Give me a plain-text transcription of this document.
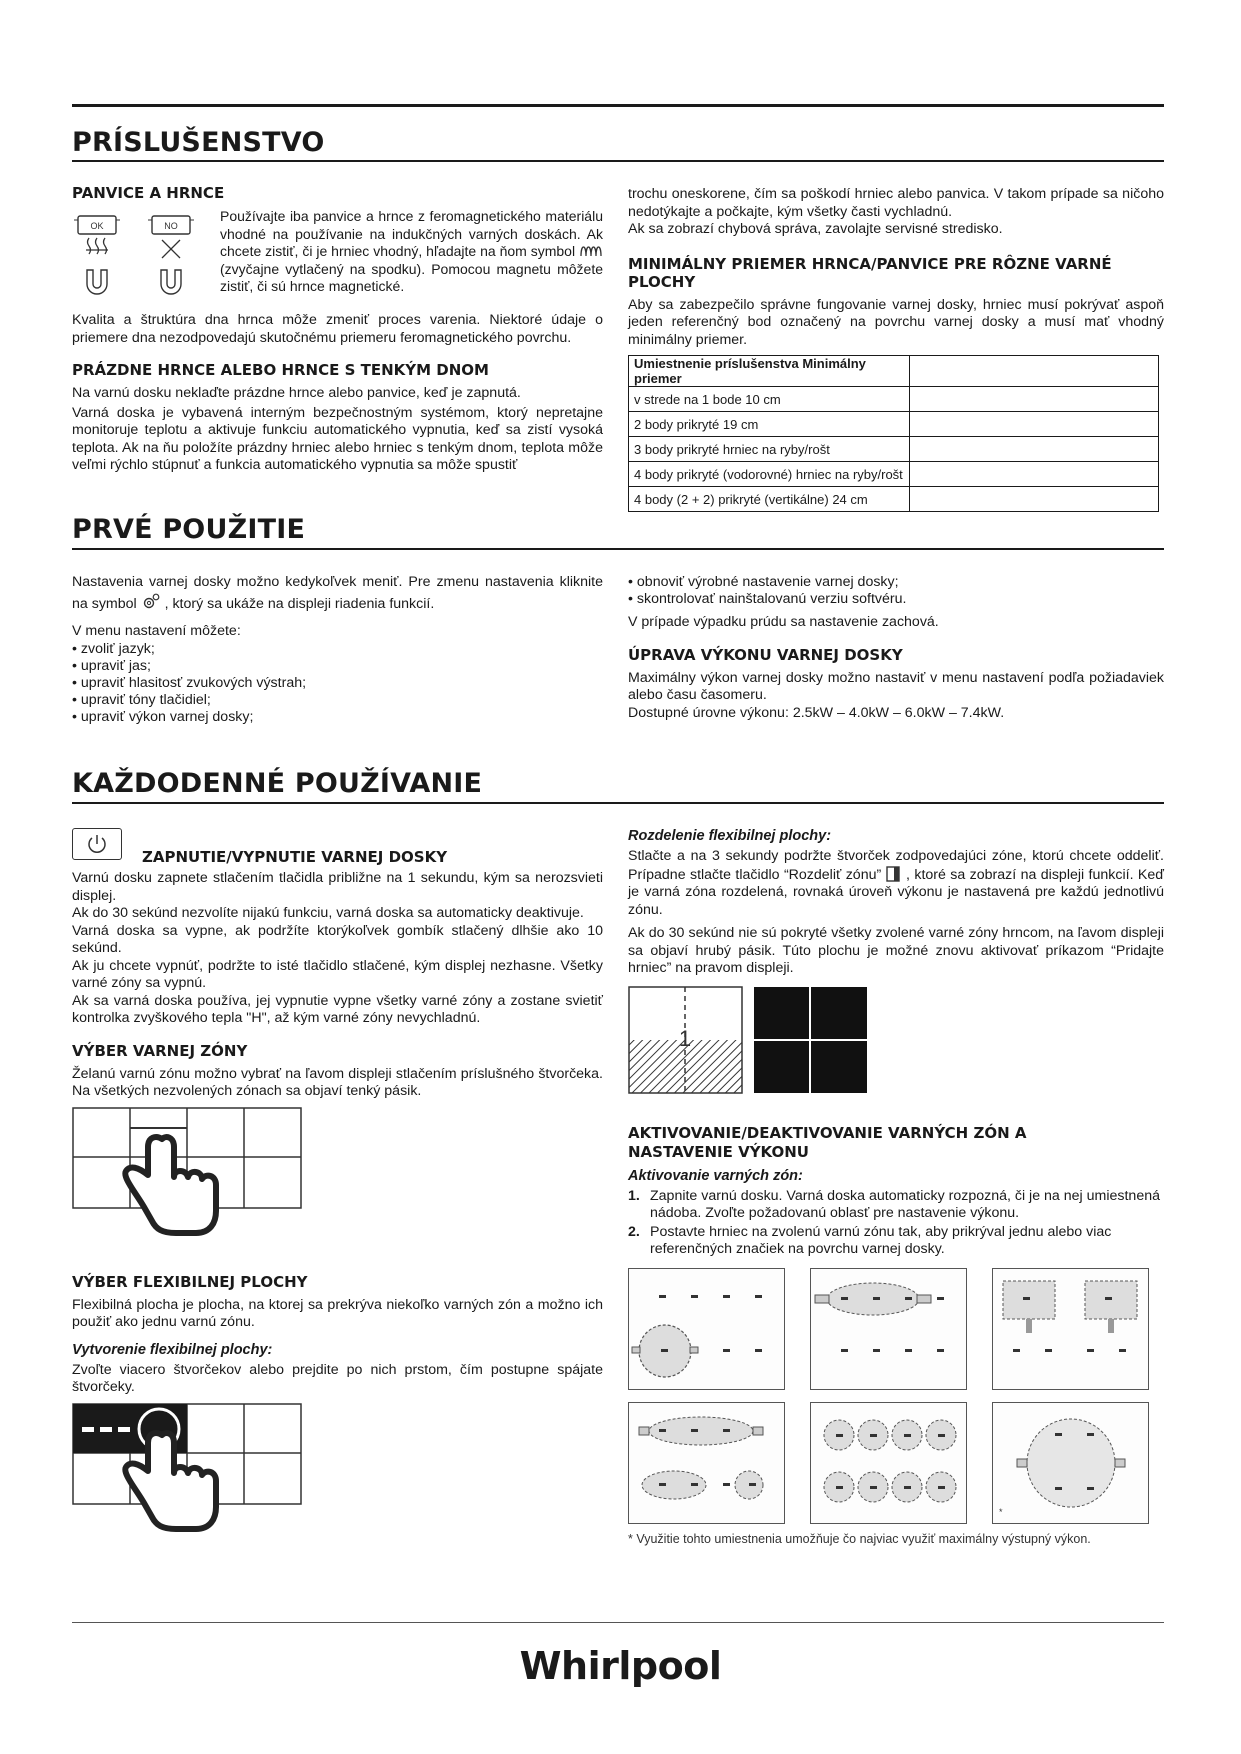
PRÍSLUŠENSTVO
PANVICE A HRNCE
OK	NO
Používajte iba panvice a hrnce z feromagnetického materiálu vhodné na používanie na indukčných varných doskách. Ak chcete zistiť, či je hrniec vhodný, hľadajte na ňom symbol  (zvyčajne vytlačený na spodku). Pomocou magnetu môžete zistiť, či sú hrnce magnetické.
Kvalita a štruktúra dna hrnca môže zmeniť proces varenia. Niektoré údaje o priemere dna nezodpovedajú skutočnému priemeru feromagnetického povrchu.
PRÁZDNE HRNCE ALEBO HRNCE S TENKÝM DNOM
Na varnú dosku neklaďte prázdne hrnce alebo panvice, keď je zapnutá.
Varná doska je vybavená interným bezpečnostným systémom, ktorý nepretajne monitoruje teplotu a aktivuje funkciu automatického vypnutia, keď sa zistí vysoká teplota. Ak na ňu položíte prázdny hrniec alebo hrniec s tenkým dnom, teplota môže veľmi rýchlo stúpnuť a funkcia automatického vypnutia sa môže spustiť
trochu oneskorene, čím sa poškodí hrniec alebo panvica. V takom prípade sa ničoho nedotýkajte a počkajte, kým všetky časti vychladnú.
Ak sa zobrazí chybová správa, zavolajte servisné stredisko.
MINIMÁLNY PRIEMER HRNCA/PANVICE PRE RÔZNE VARNÉ PLOCHY
Aby sa zabezpečilo správne fungovanie varnej dosky, hrniec musí pokrývať aspoň jeden referenčný bod označený na povrchu varnej dosky a musí mať vhodný minimálny priemer.
Umiestnenie príslušenstva Minimálny priemer	
v strede na 1 bode 10 cm	
2 body prikryté 19 cm	
3 body prikryté hrniec na ryby/rošt	
4 body prikryté (vodorovné) hrniec na ryby/rošt	
4 body (2 + 2) prikryté (vertikálne) 24 cm	
PRVÉ POUŽITIE
Nastavenia varnej dosky možno kedykoľvek meniť. Pre zmenu nastavenia kliknite na symbol , ktorý sa ukáže na displeji riadenia funkcií.
V menu nastavení môžete:
• zvoliť jazyk;
• upraviť jas;
• upraviť hlasitosť zvukových výstrah;
• upraviť tóny tlačidiel;
• upraviť výkon varnej dosky;
• obnoviť výrobné nastavenie varnej dosky;
• skontrolovať nainštalovanú verziu softvéru.
V prípade výpadku prúdu sa nastavenie zachová.
ÚPRAVA VÝKONU VARNEJ DOSKY
Maximálny výkon varnej dosky možno nastaviť v menu nastavení podľa požiadaviek alebo času časomeru.
Dostupné úrovne výkonu: 2.5kW – 4.0kW – 6.0kW – 7.4kW.
KAŽDODENNÉ POUŽÍVANIE
ZAPNUTIE/VYPNUTIE VARNEJ DOSKY
Varnú dosku zapnete stlačením tlačidla približne na 1 sekundu, kým sa nerozsvieti displej.
Ak do 30 sekúnd nezvolíte nijakú funkciu, varná doska sa automaticky deaktivuje.
Varná doska sa vypne, ak podržíte ktorýkoľvek gombík stlačený dlhšie ako 10 sekúnd.
Ak ju chcete vypnúť, podržte to isté tlačidlo stlačené, kým displej nezhasne. Všetky varné zóny sa vypnú.
Ak sa varná doska používa, jej vypnutie vypne všetky varné zóny a zostane svietiť kontrolka zvyškového tepla "H", až kým varné zóny nevychladnú.
VÝBER VARNEJ ZÓNY
Želanú varnú zónu možno vybrať na ľavom displeji stlačením príslušného štvorčeka. Na všetkých nezvolených zónach sa objaví tenký pásik.
VÝBER FLEXIBILNEJ PLOCHY
Flexibilná plocha je plocha, na ktorej sa prekrýva niekoľko varných zón a možno ich použiť ako jednu varnú zónu.
Vytvorenie flexibilnej plochy:
Zvoľte viacero štvorčekov alebo prejdite po nich prstom, čím postupne spájate štvorčeky.
Rozdelenie flexibilnej plochy:
Stlačte a na 3 sekundy podržte štvorček zodpovedajúci zóne, ktorú chcete oddeliť. Prípadne stlačte tlačidlo “Rozdeliť zónu” , ktoré sa zobrazí na displeji funkcií. Keď je varná zóna rozdelená, rovnaká úroveň výkonu je nastavená pre každú jednotlivú zónu.
Ak do 30 sekúnd nie sú pokryté všetky zvolené varné zóny hrncom, na ľavom displeji sa objaví hrubý pásik. Túto plochu je možné znovu aktivovať príkazom “Pridajte hrniec” na pravom displeji.
1
AKTIVOVANIE/DEAKTIVOVANIE VARNÝCH ZÓN A NASTAVENIE VÝKONU
Aktivovanie varných zón:
1. Zapnite varnú dosku. Varná doska automaticky rozpozná, či je na nej umiestnená nádoba. Zvoľte požadovanú oblasť pre nastavenie výkonu.
2. Postavte hrniec na zvolenú varnú zónu tak, aby prikrýval jednu alebo viac referenčných značiek na povrchu varnej dosky.
*
* Využitie tohto umiestnenia umožňuje čo najviac využiť maximálny výstupný výkon.
Whirlpool
